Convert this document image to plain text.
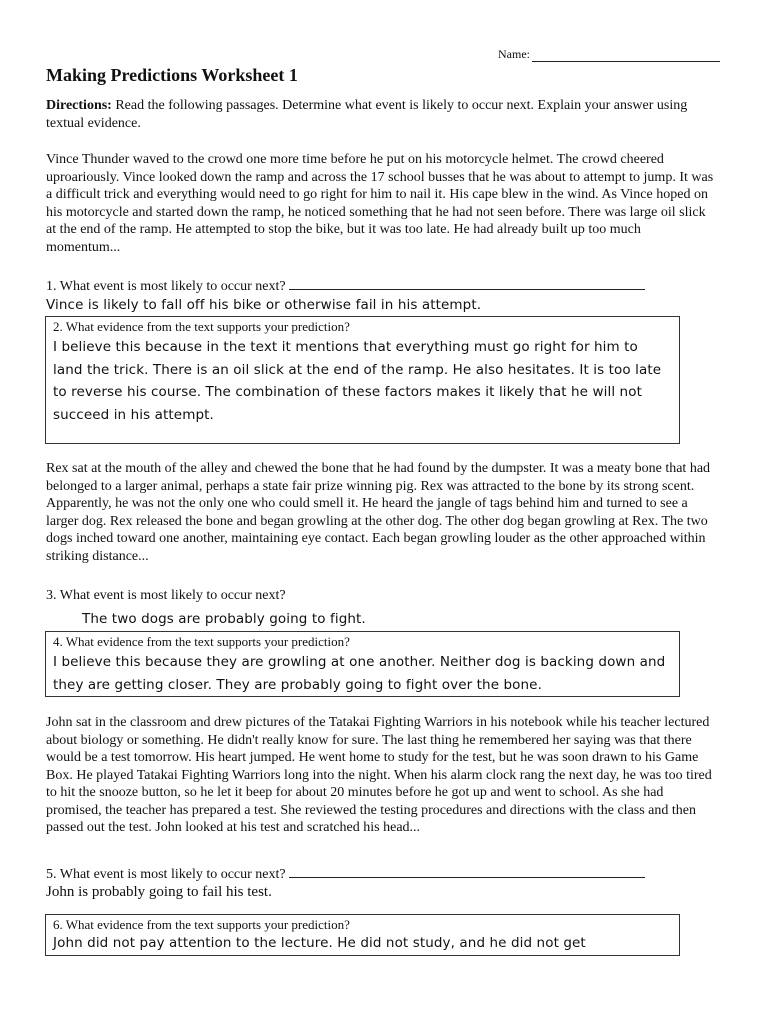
Name:
Making Predictions Worksheet 1
Directions: Read the following passages. Determine what event is likely to occur next. Explain your answer using textual evidence.
Vince Thunder waved to the crowd one more time before he put on his motorcycle helmet. The crowd cheered uproariously. Vince looked down the ramp and across the 17 school busses that he was about to attempt to jump. It was a difficult trick and everything would need to go right for him to nail it. His cape blew in the wind. As Vince hoped on his motorcycle and started down the ramp, he noticed something that he had not seen before. There was large oil slick at the end of the ramp. He attempted to stop the bike, but it was too late. He had already built up too much momentum...
1. What event is most likely to occur next?
Vince is likely to fall off his bike or otherwise fail in his attempt.
2. What evidence from the text supports your prediction?
I believe this because in the text it mentions that everything must go right for him to land the trick. There is an oil slick at the end of the ramp. He also hesitates. It is too late to reverse his course. The combination of these factors makes it likely that he will not succeed in his attempt.
Rex sat at the mouth of the alley and chewed the bone that he had found by the dumpster. It was a meaty bone that had belonged to a larger animal, perhaps a state fair prize winning pig. Rex was attracted to the bone by its strong scent. Apparently, he was not the only one who could smell it. He heard the jangle of tags behind him and turned to see a larger dog. Rex released the bone and began growling at the other dog. The other dog began growling at Rex. The two dogs inched toward one another, maintaining eye contact. Each began growling louder as the other approached within striking distance...
3. What event is most likely to occur next?
The two dogs are probably going to fight.
4. What evidence from the text supports your prediction?
I believe this because they are growling at one another. Neither dog is backing down and they are getting closer. They are probably going to fight over the bone.
John sat in the classroom and drew pictures of the Tatakai Fighting Warriors in his notebook while his teacher lectured about biology or something. He didn't really know for sure. The last thing he remembered her saying was that there would be a test tomorrow. His heart jumped. He went home to study for the test, but he was soon drawn to his Game Box. He played Tatakai Fighting Warriors long into the night. When his alarm clock rang the next day, he was too tired to hit the snooze button, so he let it beep for about 20 minutes before he got up and went to school. As she had promised, the teacher has prepared a test. She reviewed the testing procedures and directions with the class and then passed out the test. John looked at his test and scratched his head...
5. What event is most likely to occur next?
John is probably going to fail his test.
6. What evidence from the text supports your prediction?
John did not pay attention to the lecture. He did not study, and he did not get
